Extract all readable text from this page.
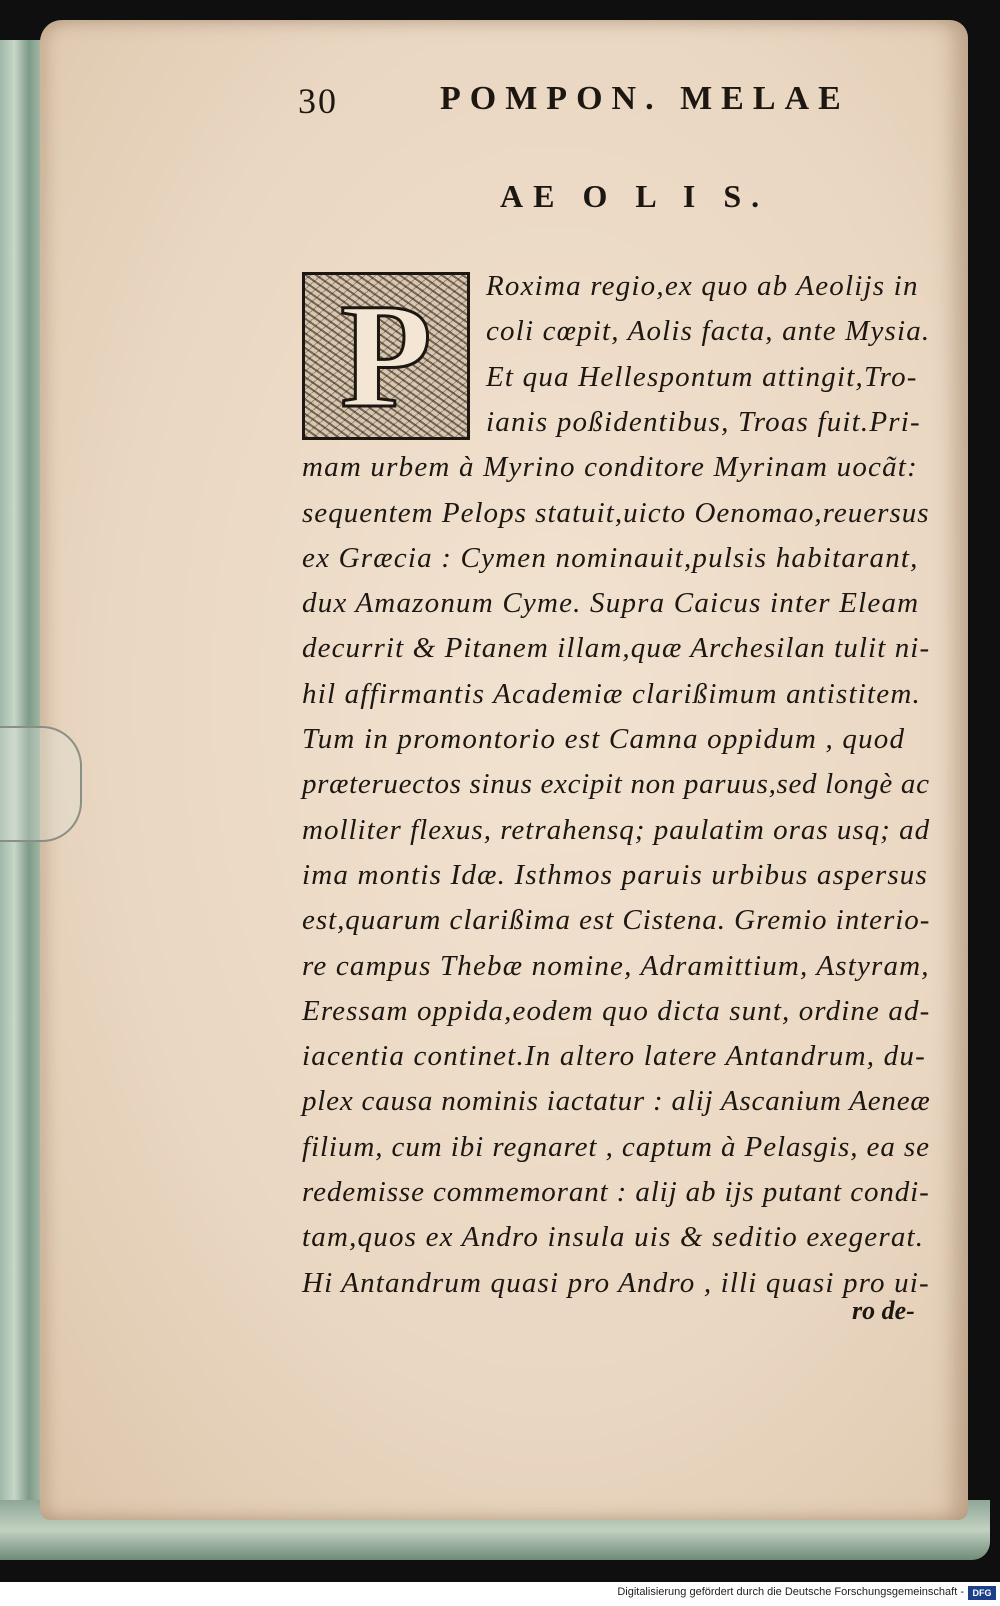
30	POMPON. MELAE
AE O L I S.
P	Roxima regio,ex quo ab Aeolijs in
coli cœpit, Aolis facta, ante Mysia.
Et qua Hellespontum attingit,Tro-
ianis poßidentibus, Troas fuit.Pri-
mam urbem à Myrino conditore Myrinam uocãt:
sequentem Pelops statuit,uicto Oenomao,reuersus
ex Græcia : Cymen nominauit,pulsis habitarant,
dux Amazonum Cyme. Supra Caicus inter Eleam
decurrit & Pitanem illam,quæ Archesilan tulit ni-
hil affirmantis Academiæ clarißimum antistitem.
Tum in promontorio est Camna oppidum , quod
præteruectos sinus excipit non paruus,sed longè ac
molliter flexus, retrahensq; paulatim oras usq; ad
ima montis Idæ. Isthmos paruis urbibus aspersus
est,quarum clarißima est Cistena. Gremio interio-
re campus Thebæ nomine, Adramittium, Astyram,
Eressam oppida,eodem quo dicta sunt, ordine ad-
iacentia continet.In altero latere Antandrum, du-
plex causa nominis iactatur : alij Ascanium Aeneæ
filium, cum ibi regnaret , captum à Pelasgis, ea se
redemisse commemorant : alij ab ijs putant condi-
tam,quos ex Andro insula uis & seditio exegerat.
Hi Antandrum quasi pro Andro , illi quasi pro ui-
ro de-
Digitalisierung gefördert durch die Deutsche Forschungsgemeinschaft - DFG
